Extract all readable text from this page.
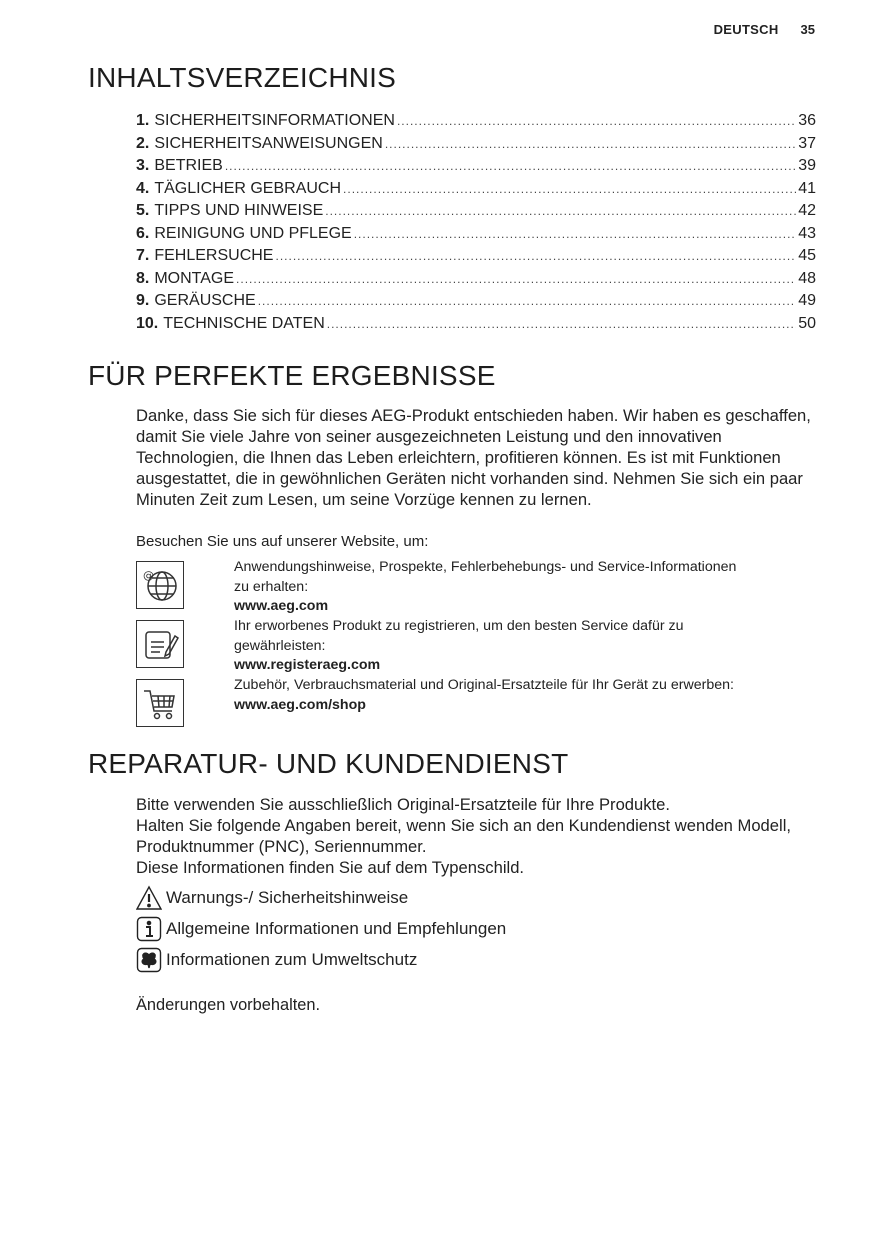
DEUTSCH 35
INHALTSVERZEICHNIS
1. SICHERHEITSINFORMATIONEN .....	36
2. SICHERHEITSANWEISUNGEN .....	37
3. BETRIEB .....	39
4. TÄGLICHER GEBRAUCH .....	41
5. TIPPS UND HINWEISE .....	42
6. REINIGUNG UND PFLEGE .....	43
7. FEHLERSUCHE .....	45
8. MONTAGE .....	48
9. GERÄUSCHE .....	49
10. TECHNISCHE DATEN .....	50
FÜR PERFEKTE ERGEBNISSE

Danke, dass Sie sich für dieses AEG-Produkt entschieden haben. Wir haben es geschaffen, damit Sie viele Jahre von seiner ausgezeichneten Leistung und den innovativen Technologien, die Ihnen das Leben erleichtern, profitieren können. Es ist mit Funktionen ausgestattet, die in gewöhnlichen Geräten nicht vorhanden sind. Nehmen Sie sich ein paar Minuten Zeit zum Lesen, um seine Vorzüge kennen zu lernen.

Besuchen Sie uns auf unserer Website, um:

@
Anwendungshinweise, Prospekte, Fehlerbehebungs- und Service-Informationen zu erhalten:
www.aeg.com
Ihr erworbenes Produkt zu registrieren, um den besten Service dafür zu gewährleisten:
www.registeraeg.com
Zubehör, Verbrauchsmaterial und Original-Ersatzteile für Ihr Gerät zu erwerben:
www.aeg.com/shop
REPARATUR- UND KUNDENDIENST
Bitte verwenden Sie ausschließlich Original-Ersatzteile für Ihre Produkte.
Halten Sie folgende Angaben bereit, wenn Sie sich an den Kundendienst wenden Modell, Produktnummer (PNC), Seriennummer.
Diese Informationen finden Sie auf dem Typenschild.
Warnungs-/ Sicherheitshinweise
Allgemeine Informationen und Empfehlungen
Informationen zum Umweltschutz

Änderungen vorbehalten.
